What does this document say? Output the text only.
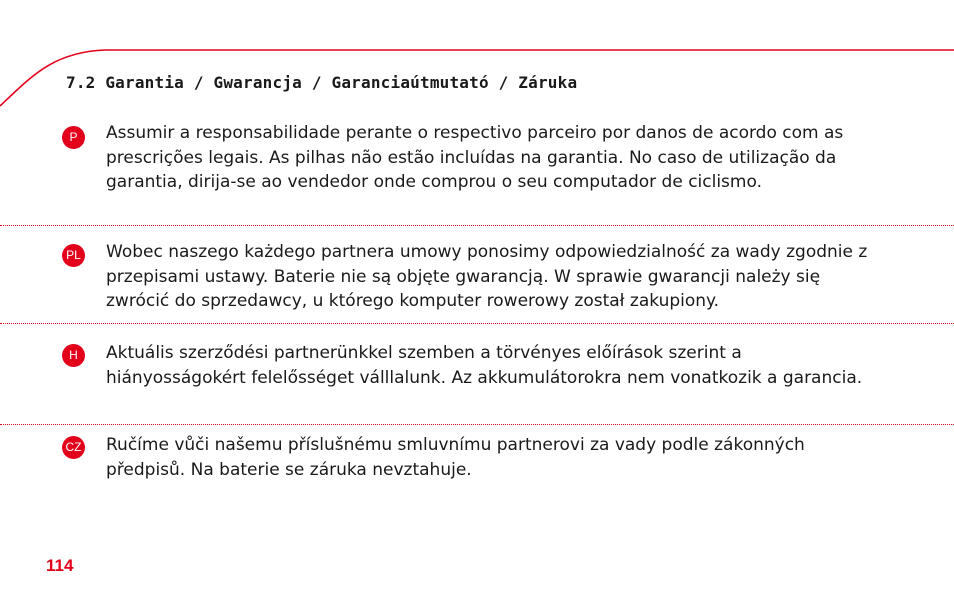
7.2 Garantia / Gwarancja / Garanciaútmutató / Záruka
P	Assumir a responsabilidade perante o respectivo parceiro por danos de acordo com as prescrições legais. As pilhas não estão incluídas na garantia. No caso de utilização da garantia, dirija-se ao vendedor onde comprou o seu computador de ciclismo.

PL Wobec naszego każdego partnera umowy ponosimy odpowiedzialność za wady zgodnie z przepisami ustawy. Baterie nie są objęte gwarancją. W sprawie gwarancji należy się zwrócić do sprzedawcy, u którego komputer rowerowy został zakupiony.

H	Aktuális szerződési partnerünkkel szemben a törvényes előírások szerint a hiányosságokért felelősséget válllalunk. Az akkumulátorokra nem vonatkozik a garancia.

CZ Ručíme vůči našemu příslušnému smluvnímu partnerovi za vady podle zákonných předpisů. Na baterie se záruka nevztahuje.

114
